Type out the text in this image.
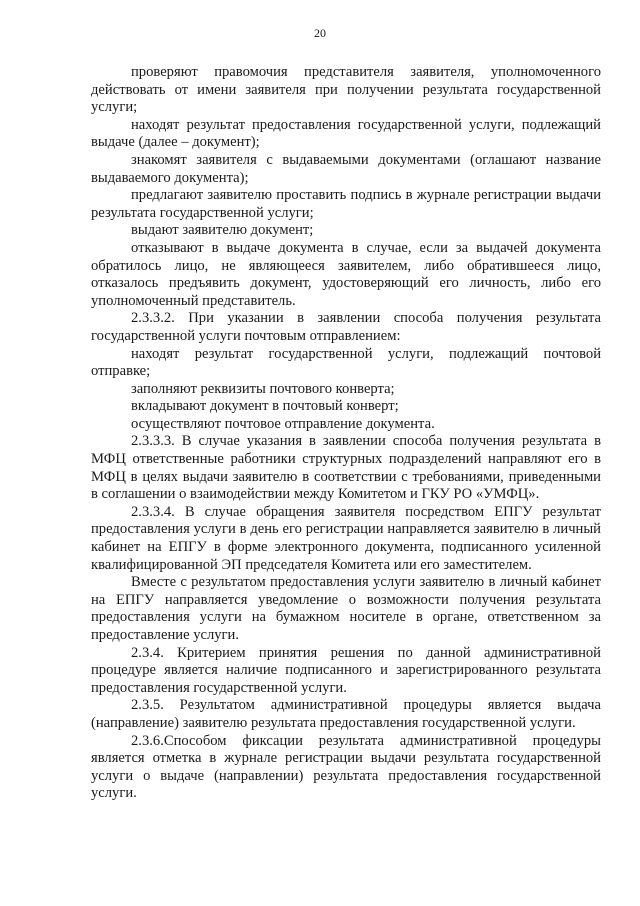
20

проверяют правомочия представителя заявителя, уполномоченного действовать от имени заявителя при получении результата государственной услуги;

находят результат предоставления государственной услуги, подлежащий выдаче (далее – документ);

знакомят заявителя с выдаваемыми документами (оглашают название выдаваемого документа);

предлагают заявителю проставить подпись в журнале регистрации выдачи результата государственной услуги;

выдают заявителю документ;

отказывают в выдаче документа в случае, если за выдачей документа обратилось лицо, не являющееся заявителем, либо обратившееся лицо, отказалось предъявить документ, удостоверяющий его личность, либо его уполномоченный представитель.

2.3.3.2. При указании в заявлении способа получения результата государственной услуги почтовым отправлением:

находят результат государственной услуги, подлежащий почтовой отправке;

заполняют реквизиты почтового конверта;

вкладывают документ в почтовый конверт;

осуществляют почтовое отправление документа.

2.3.3.3. В случае указания в заявлении способа получения результата в МФЦ ответственные работники структурных подразделений направляют его в МФЦ в целях выдачи заявителю в соответствии с требованиями, приведенными в соглашении о взаимодействии между Комитетом и ГКУ РО «УМФЦ».

2.3.3.4. В случае обращения заявителя посредством ЕПГУ результат предоставления услуги в день его регистрации направляется заявителю в личный кабинет на ЕПГУ в форме электронного документа, подписанного усиленной квалифицированной ЭП председателя Комитета или его заместителем.

Вместе с результатом предоставления услуги заявителю в личный кабинет на ЕПГУ направляется уведомление о возможности получения результата предоставления услуги на бумажном носителе в органе, ответственном за предоставление услуги.

2.3.4. Критерием принятия решения по данной административной процедуре является наличие подписанного и зарегистрированного результата предоставления государственной услуги.

2.3.5. Результатом административной процедуры является выдача (направление) заявителю результата предоставления государственной услуги.

2.3.6.Способом фиксации результата административной процедуры является отметка в журнале регистрации выдачи результата государственной услуги о выдаче (направлении) результата предоставления государственной услуги.
